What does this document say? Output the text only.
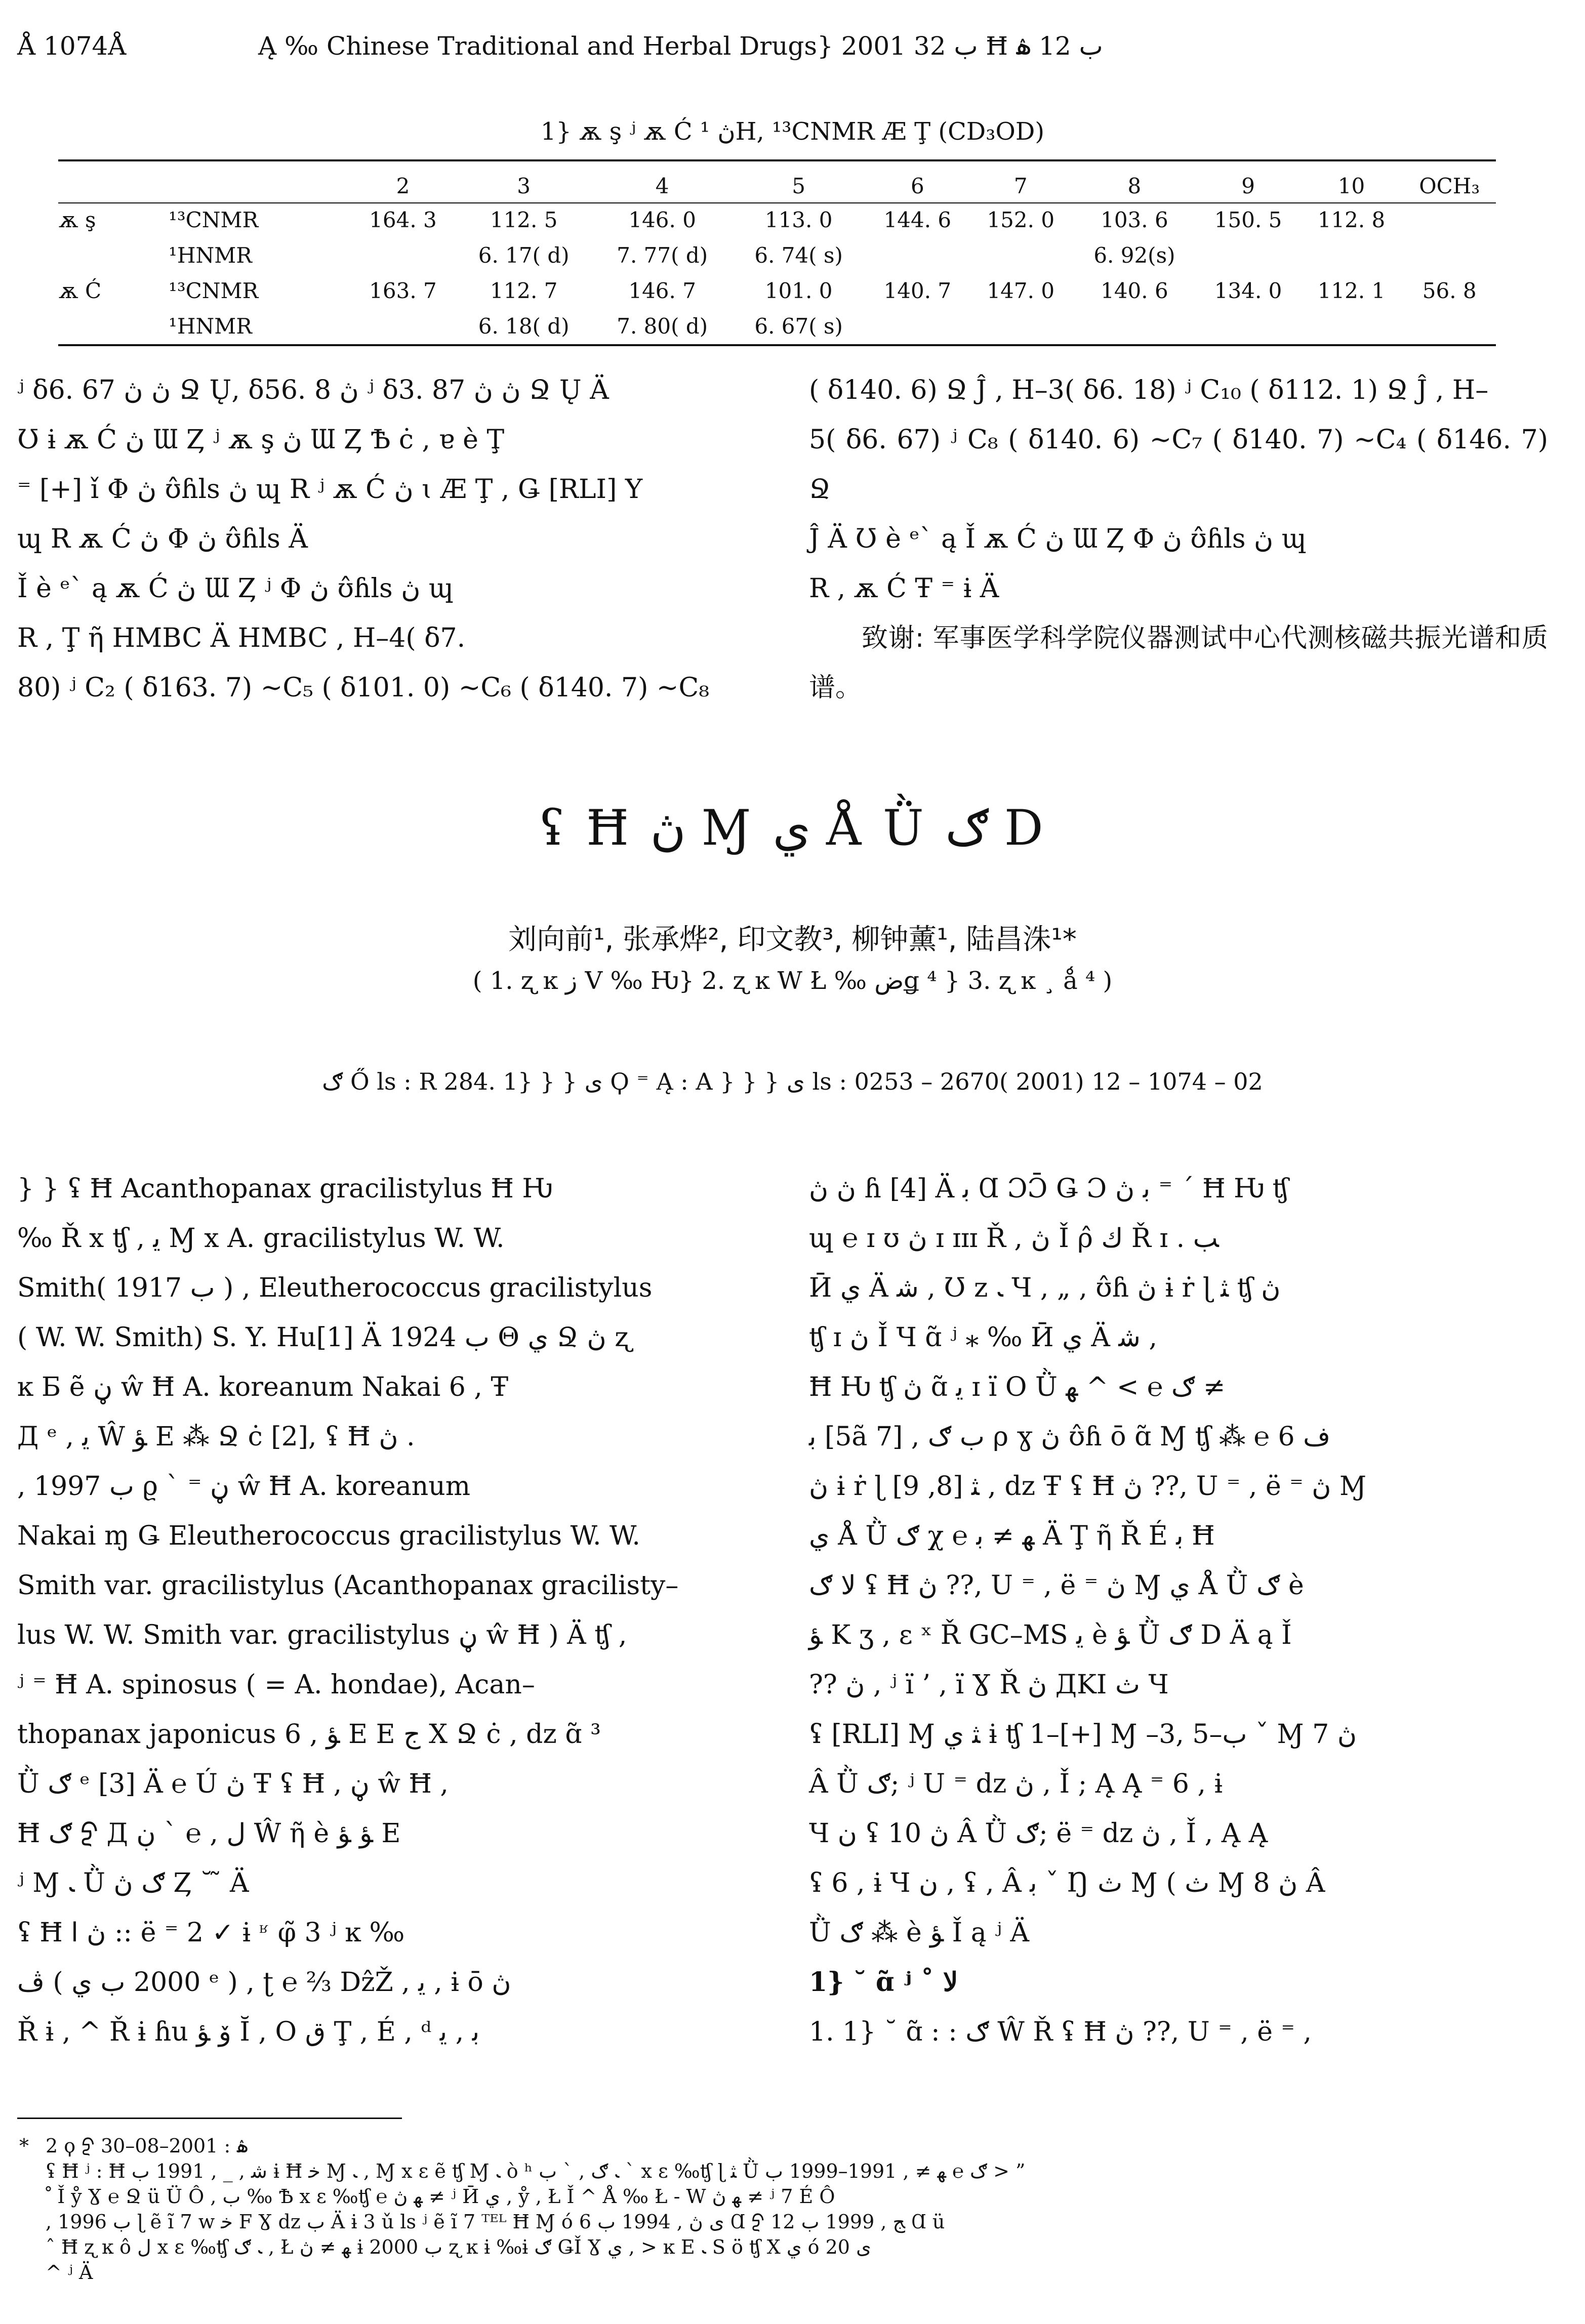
Å 1074Å	Ą ‰ Chinese Traditional and Herbal Drugs} 2001 ب 32 Ħ ب 12 ۿ
1} ѫ ş ʲ ѫ Ć ڽ ¹H, ¹³CNMR Æ Ţ (CD₃OD)
		2	3	4	5	6	7	8	9	10	OCH₃
ѫ ş	¹³CNMR	164. 3	112. 5	146. 0	113. 0	144. 6	152. 0	103. 6	150. 5	112. 8	
	¹HNMR		6. 17( d)	7. 77( d)	6. 74( s)			6. 92(s)			
ѫ Ć	¹³CNMR	163. 7	112. 7	146. 7	101. 0	140. 7	147. 0	140. 6	134. 0	112. 1	56. 8
	¹HNMR		6. 18( d)	7. 80( d)	6. 67( s)						

ʲ δ6. 67 ڽ ڽ Ջ Ų, δ56. 8 ڽ ʲ δ3. 87 ڽ ڽ Ջ Ų Ä

Ʊ ɨ ѫ Ć ڽ Ɯ Ȥ ʲ ѫ ş ڽ Ɯ Ȥ Ѣ ċ , ɐ ѐ Ţ

⁼ [+] ǐ Φ ڽ ʊ̂ɦls ڽ ɰ R ʲ ѫ Ć ڽ ɩ Æ Ţ , Ǥ [RLI] Y

ɰ R ѫ Ć ڽ Φ ڽ ʊ̂ɦls Ä

Ǐ è ᵉ` ą ѫ Ć ڽ Ɯ Ȥ ʲ Φ ڽ ʊ̂ɦls ڽ ɰ

R , Ţ ῆ HMBC Ä HMBC , H–4( δ7.

80) ʲ C₂ ( δ163. 7) ~C₅ ( δ101. 0) ~C₆ ( δ140. 7) ~C₈

( δ140. 6) Ջ Ĵ , H–3( δ6. 18) ʲ C₁₀ ( δ112. 1) Ջ Ĵ , H–

5( δ6. 67) ʲ C₈ ( δ140. 6) ~C₇ ( δ140. 7) ~C₄ ( δ146. 7) Ջ

Ĵ Ä Ʊ è ᵉ` ą Ǐ ѫ Ć ڽ Ɯ Ȥ Φ ڽ ʊ̂ɦls ڽ ɰ

R , ѫ Ć Ŧ ⁼ ɨ Ä

致谢: 军事医学科学院仪器测试中心代测核磁共振光谱和质谱。

ʢ Ħ ڽ Ɱ ي Å Ǜ ګ D
刘向前¹, 张承烨², 印文教³, 柳钟薰¹, 陆昌洙¹*
( 1. ʐ ĸ ز V ‰ Ƕ} 2. ʐ ĸ W Ł ‰ ضǥ ⁴ } 3. ʐ ĸ ¸ ǻ ⁴ )
ګ Ő ls : R 284. 1} } } ی Ϙ ⁼ Ą : A } } } ی ls : 0253 – 2670( 2001) 12 – 1074 – 02

} } ʢ Ħ Acanthopanax gracilistylus Ħ Ƕ

‰ Ř x ʧ , ﻳ Ɱ x A. gracilistylus W. W.

Smith( 1917 ب ) , Eleutherococcus gracilistylus

( W. W. Smith) S. Y. Hu[1] Ä 1924 ب Θ ي Ջ ڽ ʐ

ĸ Б ẽ ڼ ŵ Ħ A. koreanum Nakai 6 , Ŧ

Д ᵉ , ﻳ Ŵ ﺆ Ε ⁂ Ջ ċ [2], ʢ Ħ ڽ .

, 1997 ب ϱ ` ⁼ ڼ ŵ Ħ A. koreanum

Nakai ɱ Ǥ Eleutherococcus gracilistylus W. W.

Smith var. gracilistylus (Acanthopanax gracilisty–

lus W. W. Smith var. gracilistylus ڼ ŵ Ħ ) Ä ʧ ,

ʲ ⁼ Ħ A. spinosus ( = A. hondae), Acan–

thopanax japonicus 6 , ﺆ Ε Ε ﺝ Χ Ջ ċ , ǳ ɑ̃ ³

Ǜ ګ ᵉ [3] Ä ℮ Ú ڽ Ŧ ʢ Ħ , ڼ ŵ Ħ ,

Ħ ګ ᢓ Д ﻝ , ℮ ` ڹ Ŵ ῆ è ﺆ ﺆ Ε

ʲ Ɱ ﹳ Ǜ ګ ڽ Ȥ ˘ ̃ Ä

ʢ Ħ ڽ ا :: ë ⁼ 2 ✓ ɨ ʶ φ̃ 3 ʲ ĸ ‰

ڤ ( 2000 ب ي ᵉ ) , ʈ ℮ ⅔ DẑŽ , ﻳ , ɨ ō ڽ

Ř ɨ , ^ Ř ɨ ɦu ۆ ﺆ Ĭ , O ق Ţ , É , ᵈ ﺑ , ﻳ

ڽ ڽ ɦ [4] Ä ﺑ Ɑ ƆƆ̄ Ǥ Ɔ ﺑ ڽ ⁼ ´ Ħ Ƕ ʧ

ɰ ℮ ɪ ʊ ڽ ɪ ɪɪɪ Ř , ڽ Ǐ ρ̂ ﻙ Ř ɪ . ﺐ

Ӣ ي Ä ﺷ , Ʊ z ﹳ Ч , „ , ʊ̂ɦ ڽ ɨ ṙ ɭ ﺜ ʧ ڽ

ʧ ɪ ڽ Ǐ Ч ɑ̃ ʲ ⁎ ‰ Ӣ ي Ä ﺷ ,

Ħ Ƕ ʧ ڽ ɑ̃ ﻳ ɪ ï O Ǜ ګ ℮ > ^ ﻬ ≠

ﺑ [5ã 7] , ﺏ ګ ρ ɣ ڽ ʊ̂ɦ ō ɑ̃ Ɱ ʧ ⁂ ℮ 6 ﻑ

ڽ ɨ ṙ ɭ ﺜ [8, 9] , ǳ Ŧ ʢ Ħ ڽ ??, U ⁼ , ë ⁼ ڽ Ɱ

ي Å Ǜ ګ χ ℮ ﻬ ≠ ﺑ Ä Ţ ῆ Ř É ﺑ Ħ

ﻻ ګ ʢ Ħ ڽ ??, U ⁼ , ë ⁼ ڽ Ɱ ي Å Ǜ ګ è

ﺆ K ʒ , ɛ ˣ Ř GC–MS ﻳ è ﺆ Ǜ ګ D Ä ą Ǐ

?? ڽ , ʲ ï ’ , ï Ɣ Ř ڽ ДKI ﺙ Ч

ʢ [RLI] Ɱ ﺜ ي ɨ ʧ 1–[+] Ɱ –3, 5–ب ˇ Ɱ ڽ 7

Â Ǜ ګ; ʲ U ⁼ ǳ ڽ , Ǐ ; Ą Ą ⁼ 6 , ɨ

Ч ﻥ ʢ ڽ 10 Â Ǜ ګ; ë ⁼ ǳ ڽ , Ǐ , Ą Ą

ʢ 6 , ɨ Ч ﻥ , ʢ , Â ﺑ ˇ Ŋ ﺙ Ɱ ( ﺙ Ɱ ڽ 8 Â

Ǜ ګ ⁂ è ﺆ Ǐ ą ʲ Ä

1} ˘ ɑ̃ ʲ ˚ ﻻ

1. 1} ˘ ɑ̃ : : ګ Ŵ Ř ʢ Ħ ڽ ??, U ⁼ , ë ⁼ ,

* 2 ϙ ᢓ ۿ : 2001–08–30

ʢ Ħ ʲ : Ħ ﺷ , _ , 1991 ب ɨ Ħ ﺧ Ɱ ﹳ , Ɱ x ɛ ẽ ʧ Ɱ ﹳ ò ʰ ﹳ ګ , ` ﺏ ` x ɛ ‰ʧ ɭ ﺜ Ǜ ګ ℮ ﻬ ≠ , 1991–1999 ب > ”

ﹾ Ǐ ẙ Ɣ ℮ Ջ ü Ü Ô , ﺏ ‰ Ѣ x ɛ ‰ʧ ℮ ﻬ ڽ ≠ ʲ Ӣ ي , ẙ , Ł Ǐ ^ Å ‰ Ł - W ﻬ ڽ ≠ ʲ 7 É Ô

, 1996 ب ɭ ẽ ĩ 7 w ﺧ F Ɣ ǳ ب Ä ɨ 3 ǔ ls ʲ ẽ ĩ 7 ᵀᴱᴸ Ħ Ɱ ó ﻯ ڽ , 1994 ب 6 Ɑ ᢓ ﺞ , 1999 ب 12 Ɑ ü

ˆ Ħ ʐ ĸ ô ﻝ x ɛ ‰ʧ ﹳ ګ , Ł ﻬ ≠ ڽ ɨ 2000 ب ʐ ĸ ɨ ‰ɨ ګ ǤǏ Ɣ ي , > ĸ Ε ﹳ S ö ʧ Χ ي ó ﻯ 20

^ ʲ Ä
